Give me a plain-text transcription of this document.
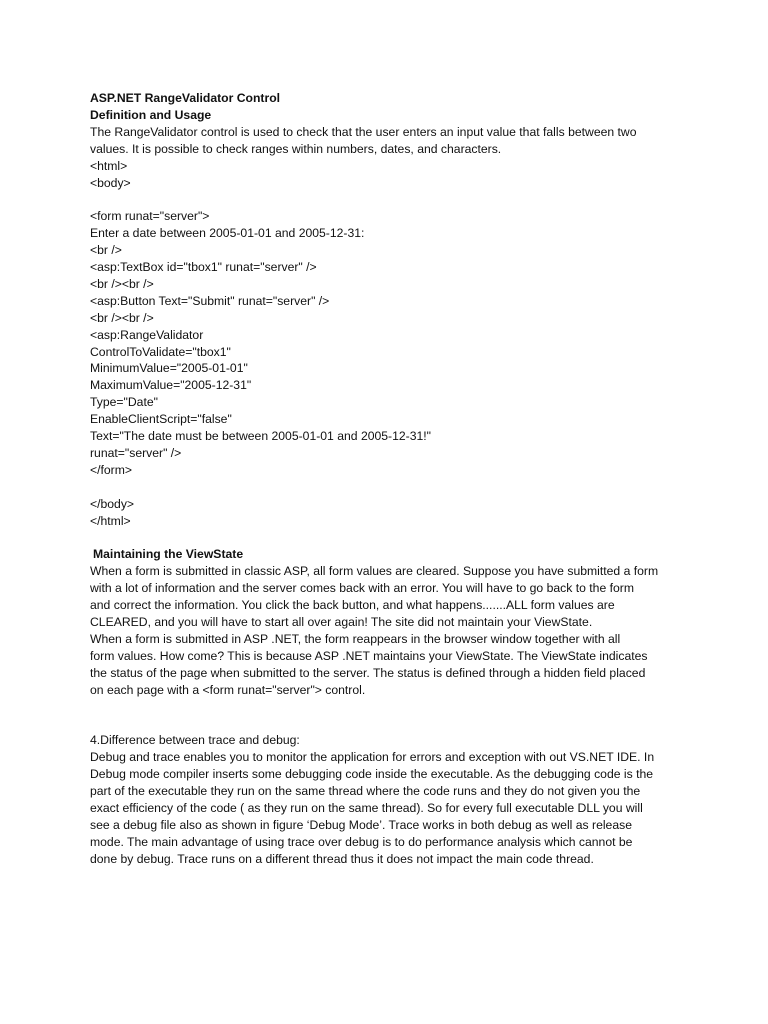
ASP.NET RangeValidator Control
Definition and Usage
The RangeValidator control is used to check that the user enters an input value that falls between two
values. It is possible to check ranges within numbers, dates, and characters.
<html>
<body>
<form runat="server">
Enter a date between 2005-01-01 and 2005-12-31:
<br />
<asp:TextBox id="tbox1" runat="server" />
<br /><br />
<asp:Button Text="Submit" runat="server" />
<br /><br />
<asp:RangeValidator
ControlToValidate="tbox1"
MinimumValue="2005-01-01"
MaximumValue="2005-12-31"
Type="Date"
EnableClientScript="false"
Text="The date must be between 2005-01-01 and 2005-12-31!"
runat="server" />
</form>
</body>
</html>
Maintaining the ViewState
When a form is submitted in classic ASP, all form values are cleared. Suppose you have submitted a form
with a lot of information and the server comes back with an error. You will have to go back to the form
and correct the information. You click the back button, and what happens.......ALL form values are
CLEARED, and you will have to start all over again! The site did not maintain your ViewState.
When a form is submitted in ASP .NET, the form reappears in the browser window together with all
form values. How come? This is because ASP .NET maintains your ViewState. The ViewState indicates
the status of the page when submitted to the server. The status is defined through a hidden field placed
on each page with a <form runat="server"> control.
4.Difference between trace and debug:
Debug and trace enables you to monitor the application for errors and exception with out VS.NET IDE. In
Debug mode compiler inserts some debugging code inside the executable. As the debugging code is the
part of the executable they run on the same thread where the code runs and they do not given you the
exact efficiency of the code ( as they run on the same thread). So for every full executable DLL you will
see a debug file also as shown in figure ‘Debug Mode’. Trace works in both debug as well as release
mode. The main advantage of using trace over debug is to do performance analysis which cannot be
done by debug. Trace runs on a different thread thus it does not impact the main code thread.
